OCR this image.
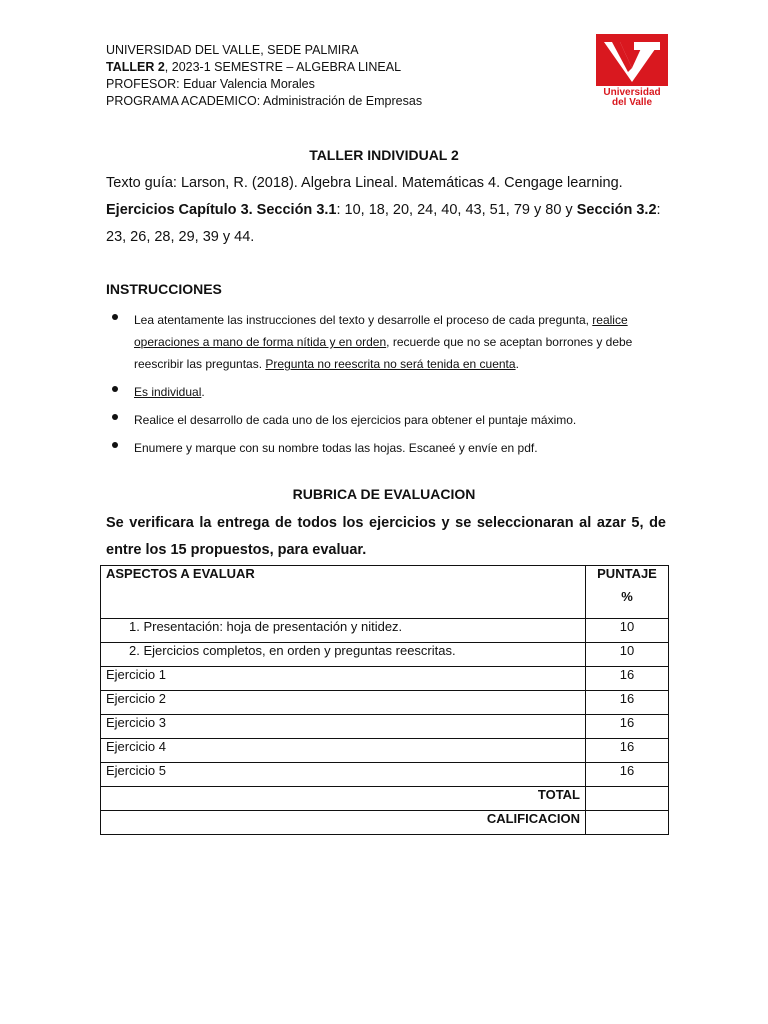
UNIVERSIDAD DEL VALLE, SEDE PALMIRA
TALLER 2, 2023-1 SEMESTRE – ALGEBRA LINEAL
PROFESOR: Eduar Valencia Morales
PROGRAMA ACADEMICO: Administración de Empresas
Universidad
del Valle
TALLER INDIVIDUAL 2
Texto guía: Larson, R. (2018). Algebra Lineal. Matemáticas 4. Cengage learning.
Ejercicios Capítulo 3. Sección 3.1: 10, 18, 20, 24, 40, 43, 51, 79 y 80 y Sección 3.2: 23, 26, 28, 29, 39 y 44.
INSTRUCCIONES
Lea atentamente las instrucciones del texto y desarrolle el proceso de cada pregunta, realice operaciones a mano de forma nítida y en orden, recuerde que no se aceptan borrones y debe reescribir las preguntas. Pregunta no reescrita no será tenida en cuenta.
Es individual.
Realice el desarrollo de cada uno de los ejercicios para obtener el puntaje máximo.
Enumere y marque con su nombre todas las hojas. Escaneé y envíe en pdf.
RUBRICA DE EVALUACION
Se verificara la entrega de todos los ejercicios y se seleccionaran al azar 5, de entre los 15 propuestos, para evaluar.
ASPECTOS A EVALUAR	PUNTAJE
%

1. Presentación: hoja de presentación y nitidez.	10
2. Ejercicios completos, en orden y preguntas reescritas.	10
Ejercicio 1	16
Ejercicio 2	16
Ejercicio 3	16
Ejercicio 4	16
Ejercicio 5	16
TOTAL	
CALIFICACION	
